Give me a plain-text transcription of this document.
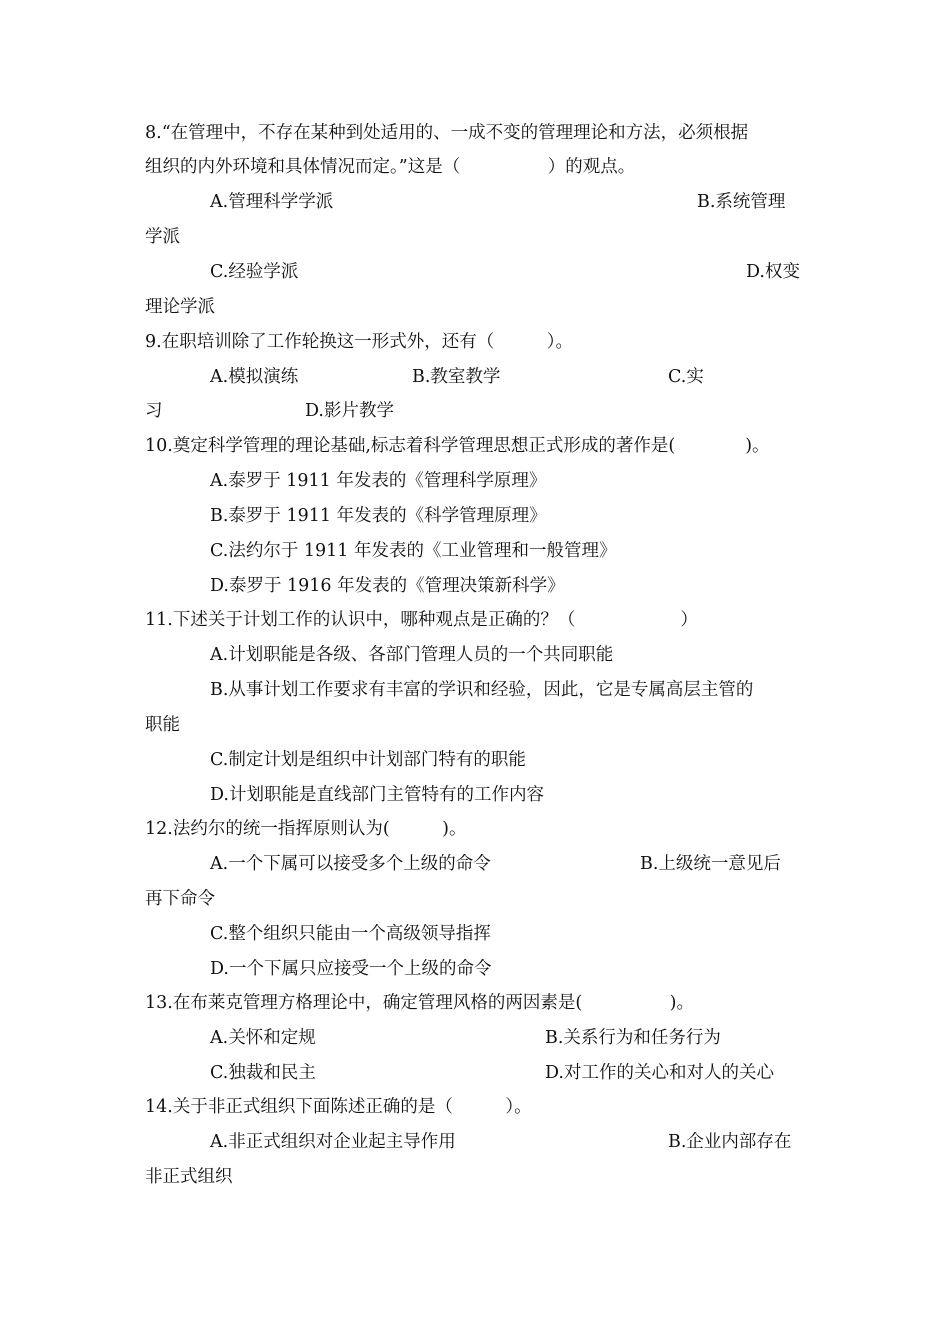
8.“在管理中，不存在某种到处适用的、一成不变的管理理论和方法，必须根据
组织的内外环境和具体情况而定。”这是（　　　　　）的观点。
A.管理科学学派	B.系统管理
学派
C.经验学派	D.权变
理论学派
9.在职培训除了工作轮换这一形式外，还有（　　　）。
A.模拟演练	B.教室教学	C.实
习	D.影片教学
10.奠定科学管理的理论基础,标志着科学管理思想正式形成的著作是(　　　　)。
A.泰罗于 1911 年发表的《管理科学原理》
B.泰罗于 1911 年发表的《科学管理原理》
C.法约尔于 1911 年发表的《工业管理和一般管理》
D.泰罗于 1916 年发表的《管理决策新科学》
11.下述关于计划工作的认识中，哪种观点是正确的？（　　　　　　）
A.计划职能是各级、各部门管理人员的一个共同职能
B.从事计划工作要求有丰富的学识和经验，因此，它是专属高层主管的
职能
C.制定计划是组织中计划部门特有的职能
D.计划职能是直线部门主管特有的工作内容
12.法约尔的统一指挥原则认为(　　　)。
A.一个下属可以接受多个上级的命令	B.上级统一意见后
再下命令
C.整个组织只能由一个高级领导指挥
D.一个下属只应接受一个上级的命令
13.在布莱克管理方格理论中，确定管理风格的两因素是(　　　　　)。
A.关怀和定规	B.关系行为和任务行为
C.独裁和民主	D.对工作的关心和对人的关心
14.关于非正式组织下面陈述正确的是（　　　）。
A.非正式组织对企业起主导作用	B.企业内部存在
非正式组织
